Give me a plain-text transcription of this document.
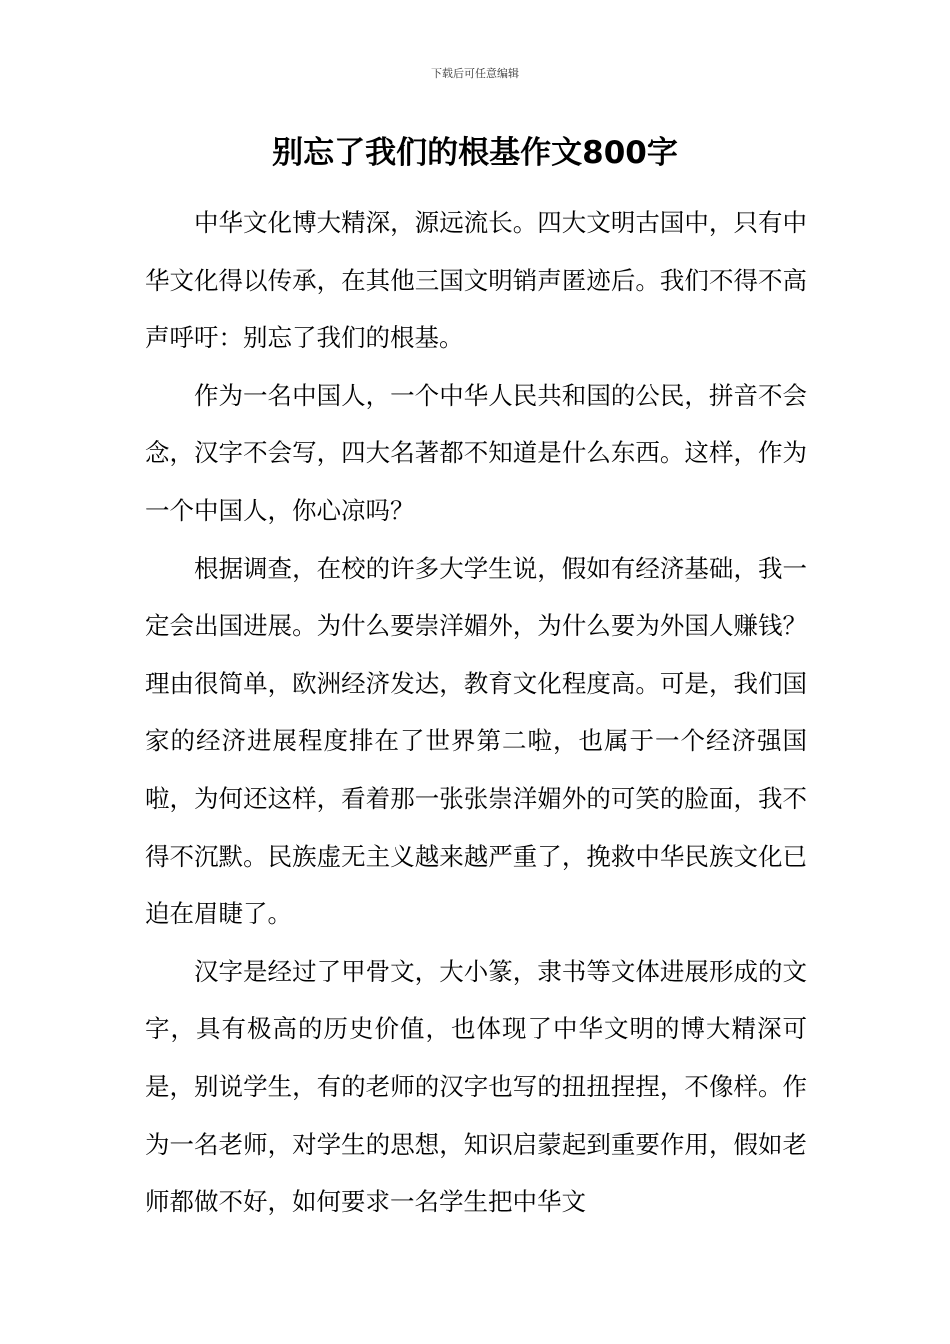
下载后可任意编辑
别忘了我们的根基作文800字

中华文化博大精深，源远流长。四大文明古国中，只有中华文化得以传承，在其他三国文明销声匿迹后。我们不得不高声呼吁：别忘了我们的根基。

作为一名中国人，一个中华人民共和国的公民，拼音不会念，汉字不会写，四大名著都不知道是什么东西。这样，作为一个中国人，你心凉吗？

根据调查，在校的许多大学生说，假如有经济基础，我一定会出国进展。为什么要崇洋媚外，为什么要为外国人赚钱？理由很简单，欧洲经济发达，教育文化程度高。可是，我们国家的经济进展程度排在了世界第二啦，也属于一个经济强国啦，为何还这样，看着那一张张崇洋媚外的可笑的脸面，我不得不沉默。民族虚无主义越来越严重了，挽救中华民族文化已迫在眉睫了。

汉字是经过了甲骨文，大小篆，隶书等文体进展形成的文字，具有极高的历史价值，也体现了中华文明的博大精深可是，别说学生，有的老师的汉字也写的扭扭捏捏，不像样。作为一名老师，对学生的思想，知识启蒙起到重要作用，假如老师都做不好，如何要求一名学生把中华文
